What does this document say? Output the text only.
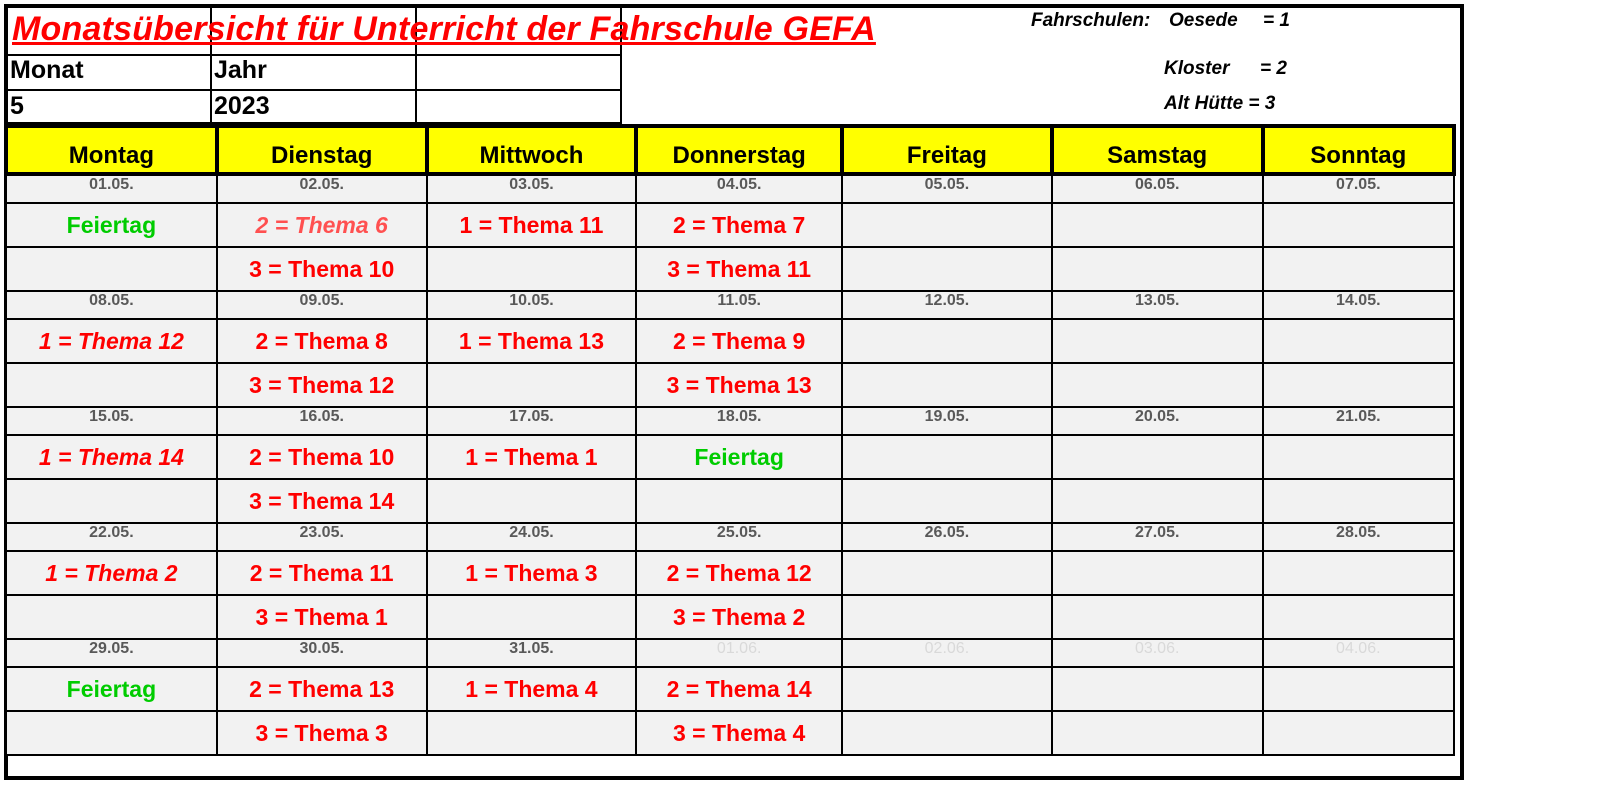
Monatsübersicht für Unterricht der Fahrschule GEFA
Monat	Jahr
5	2023
Fahrschulen: Oesede = 1
Kloster = 2
Alt Hütte = 3
Montag	Dienstag	Mittwoch	Donnerstag	Freitag	Samstag	Sonntag
01.05.	02.05.	03.05.	04.05.	05.05.	06.05.	07.05.
Feiertag	2 = Thema 6	1 = Thema 11	2 = Thema 7			
	3 = Thema 10		3 = Thema 11			
08.05.	09.05.	10.05.	11.05.	12.05.	13.05.	14.05.
1 = Thema 12	2 = Thema 8	1 = Thema 13	2 = Thema 9			
	3 = Thema 12		3 = Thema 13			
15.05.	16.05.	17.05.	18.05.	19.05.	20.05.	21.05.
1 = Thema 14	2 = Thema 10	1 = Thema 1	Feiertag			
	3 = Thema 14					
22.05.	23.05.	24.05.	25.05.	26.05.	27.05.	28.05.
1 = Thema 2	2 = Thema 11	1 = Thema 3	2 = Thema 12			
	3 = Thema 1		3 = Thema 2			
29.05.	30.05.	31.05.	01.06.	02.06.	03.06.	04.06.
Feiertag	2 = Thema 13	1 = Thema 4	2 = Thema 14			
	3 = Thema 3		3 = Thema 4			
